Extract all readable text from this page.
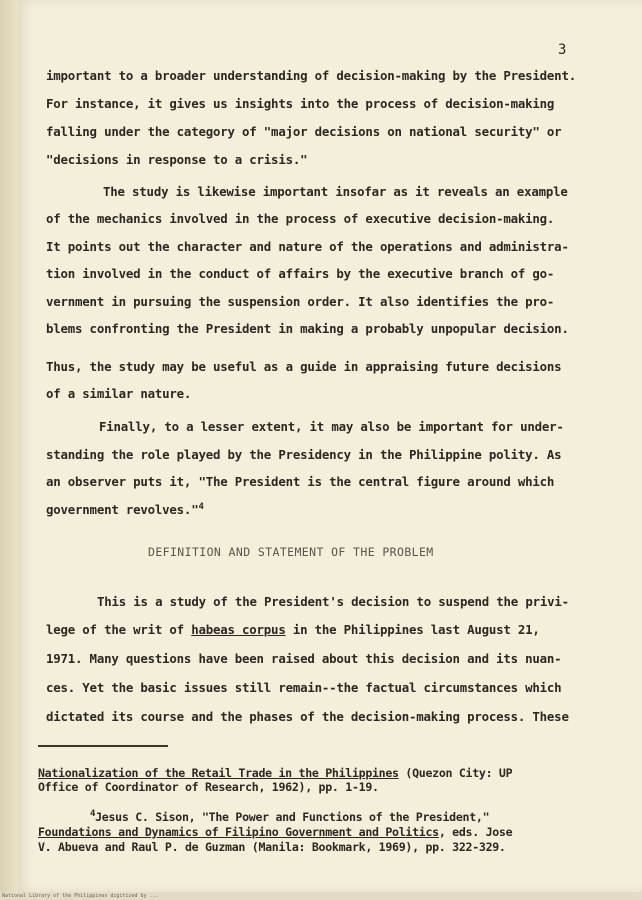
3
important to a broader understanding of decision-making by the President.
For instance, it gives us insights into the process of decision-making
falling under the category of "major decisions on national security" or
"decisions in response to a crisis."
The study is likewise important insofar as it reveals an example
of the mechanics involved in the process of executive decision-making.
It points out the character and nature of the operations and administra-
tion involved in the conduct of affairs by the executive branch of go-
vernment in pursuing the suspension order. It also identifies the pro-
blems confronting the President in making a probably unpopular decision.
Thus, the study may be useful as a guide in appraising future decisions
of a similar nature.
Finally, to a lesser extent, it may also be important for under-
standing the role played by the Presidency in the Philippine polity. As
an observer puts it, "The President is the central figure around which
government revolves."$^4$
DEFINITION AND STATEMENT OF THE PROBLEM
This is a study of the President's decision to suspend the privi-
lege of the writ of habeas corpus in the Philippines last August 21,
1971. Many questions have been raised about this decision and its nuan-
ces. Yet the basic issues still remain--the factual circumstances which
dictated its course and the phases of the decision-making process. These
Nationalization of the Retail Trade in the Philippines (Quezon City: UP
Office of Coordinator of Research, 1962), pp. 1-19.
$^4$Jesus C. Sison, "The Power and Functions of the President,"
Foundations and Dynamics of Filipino Government and Politics, eds. Jose
V. Abueva and Raul P. de Guzman (Manila: Bookmark, 1969), pp. 322-329.
National Library of the Philippines digitized by ...
